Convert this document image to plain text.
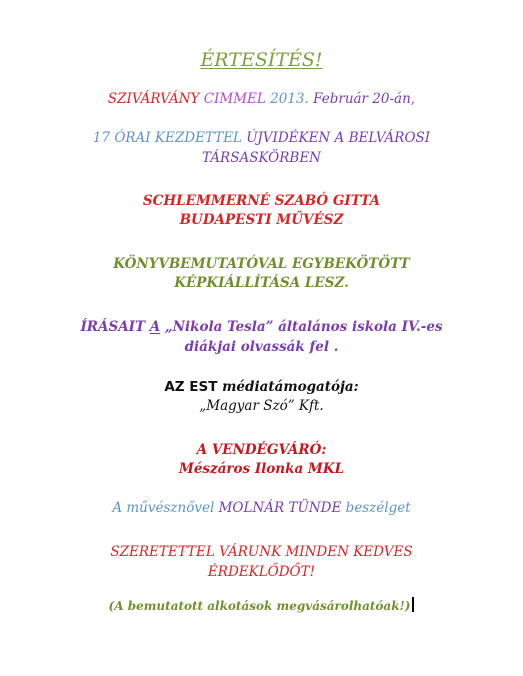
ÉRTESÍTÉS!
SZIVÁRVÁNY CIMMEL 2013. Február 20-án,
17 ÓRAI KEZDETTEL ÚJVIDÉKEN A BELVÁROSI
TÁRSASKÖRBEN
SCHLEMMERNÉ SZABÓ GITTA
BUDAPESTI MŰVÉSZ
KÖNYVBEMUTATÓVAL EGYBEKÖTÖTT
KÉPKIÁLLÍTÁSA LESZ.
ÍRÁSAIT A „Nikola Tesla” általános iskola IV.-es
diákjai olvassák fel .
AZ EST médiatámogatója:
„Magyar Szó” Kft.
A VENDÉGVÁRÓ:
Mészáros Ilonka MKL
A művésznővel MOLNÁR TÜNDE beszélget
SZERETETTEL VÁRUNK MINDEN KEDVES
ÉRDEKLŐDŐT!
(A bemutatott alkotások megvásárolhatóak!)
